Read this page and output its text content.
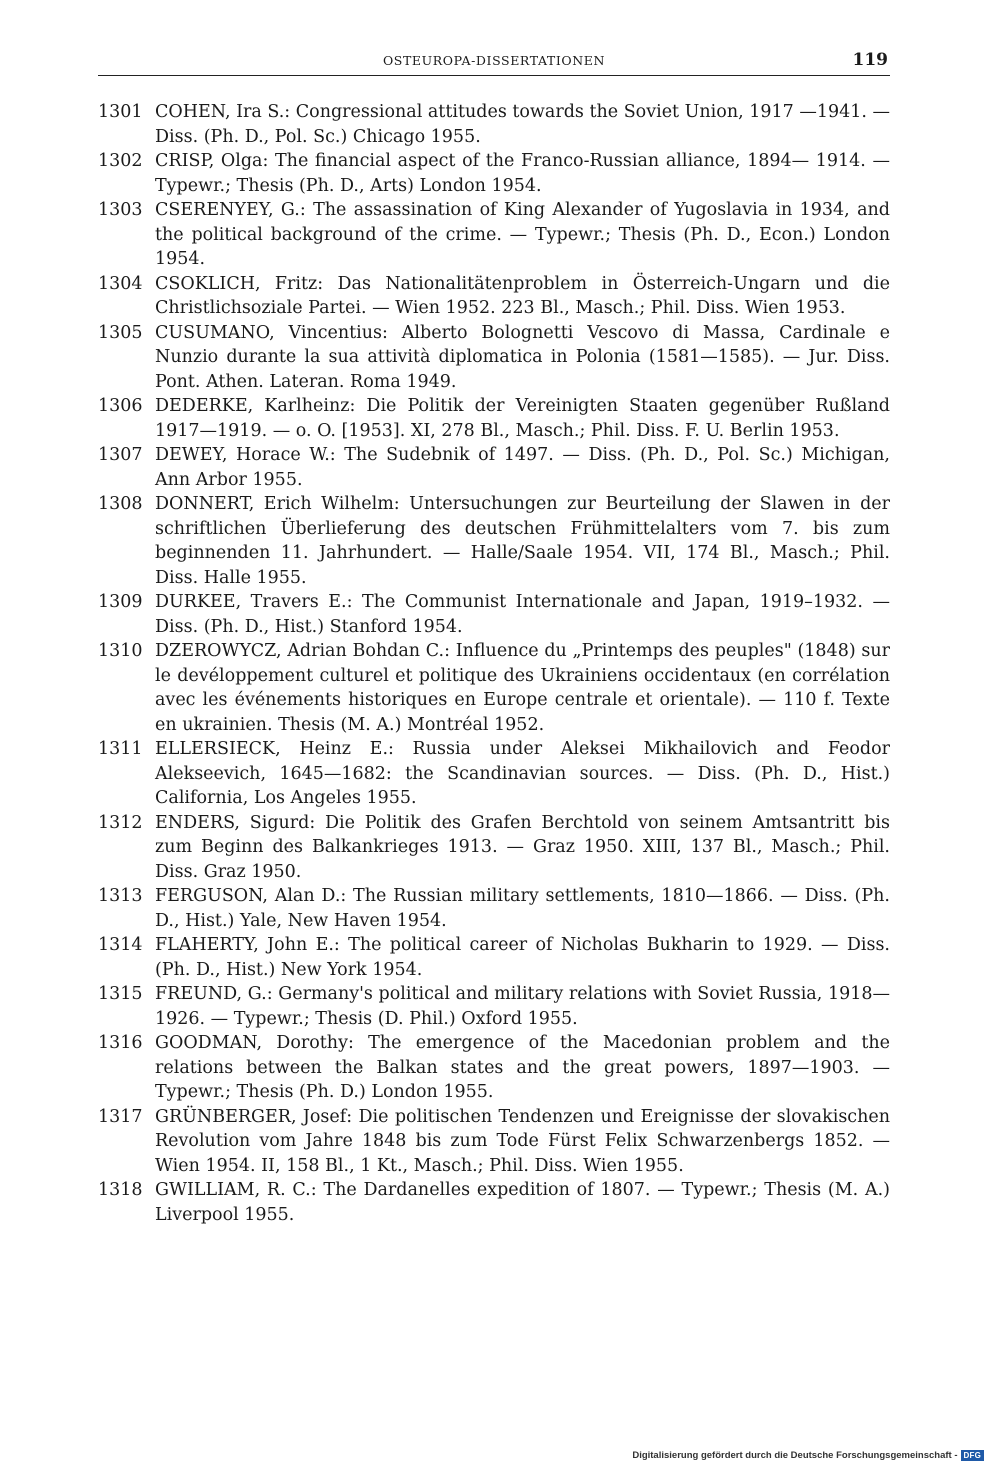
OSTEUROPA-DISSERTATIONEN	119
1301 COHEN, Ira S.: Congressional attitudes towards the Soviet Union, 1917 —1941. — Diss. (Ph. D., Pol. Sc.) Chicago 1955.
1302 CRISP, Olga: The financial aspect of the Franco-Russian alliance, 1894— 1914. — Typewr.; Thesis (Ph. D., Arts) London 1954.
1303 CSERENYEY, G.: The assassination of King Alexander of Yugoslavia in 1934, and the political background of the crime. — Typewr.; Thesis (Ph. D., Econ.) London 1954.
1304 CSOKLICH, Fritz: Das Nationalitätenproblem in Österreich-Ungarn und die Christlichsoziale Partei. — Wien 1952. 223 Bl., Masch.; Phil. Diss. Wien 1953.
1305 CUSUMANO, Vincentius: Alberto Bolognetti Vescovo di Massa, Cardinale e Nunzio durante la sua attività diplomatica in Polonia (1581—1585). — Jur. Diss. Pont. Athen. Lateran. Roma 1949.
1306 DEDERKE, Karlheinz: Die Politik der Vereinigten Staaten gegenüber Rußland 1917—1919. — o. O. [1953]. XI, 278 Bl., Masch.; Phil. Diss. F. U. Berlin 1953.
1307 DEWEY, Horace W.: The Sudebnik of 1497. — Diss. (Ph. D., Pol. Sc.) Michigan, Ann Arbor 1955.
1308 DONNERT, Erich Wilhelm: Untersuchungen zur Beurteilung der Slawen in der schriftlichen Überlieferung des deutschen Frühmittelalters vom 7. bis zum beginnenden 11. Jahrhundert. — Halle/Saale 1954. VII, 174 Bl., Masch.; Phil. Diss. Halle 1955.
1309 DURKEE, Travers E.: The Communist Internationale and Japan, 1919–1932. — Diss. (Ph. D., Hist.) Stanford 1954.
1310 DZEROWYCZ, Adrian Bohdan C.: Influence du „Printemps des peuples" (1848) sur le devéloppement culturel et politique des Ukrainiens occidentaux (en corrélation avec les événements historiques en Europe centrale et orientale). — 110 f. Texte en ukrainien. Thesis (M. A.) Montréal 1952.
1311 ELLERSIECK, Heinz E.: Russia under Aleksei Mikhailovich and Feodor Alekseevich, 1645—1682: the Scandinavian sources. — Diss. (Ph. D., Hist.) California, Los Angeles 1955.
1312 ENDERS, Sigurd: Die Politik des Grafen Berchtold von seinem Amtsantritt bis zum Beginn des Balkankrieges 1913. — Graz 1950. XIII, 137 Bl., Masch.; Phil. Diss. Graz 1950.
1313 FERGUSON, Alan D.: The Russian military settlements, 1810—1866. — Diss. (Ph. D., Hist.) Yale, New Haven 1954.
1314 FLAHERTY, John E.: The political career of Nicholas Bukharin to 1929. — Diss. (Ph. D., Hist.) New York 1954.
1315 FREUND, G.: Germany's political and military relations with Soviet Russia, 1918—1926. — Typewr.; Thesis (D. Phil.) Oxford 1955.
1316 GOODMAN, Dorothy: The emergence of the Macedonian problem and the relations between the Balkan states and the great powers, 1897—1903. — Typewr.; Thesis (Ph. D.) London 1955.
1317 GRÜNBERGER, Josef: Die politischen Tendenzen und Ereignisse der slovakischen Revolution vom Jahre 1848 bis zum Tode Fürst Felix Schwarzenbergs 1852. — Wien 1954. II, 158 Bl., 1 Kt., Masch.; Phil. Diss. Wien 1955.
1318 GWILLIAM, R. C.: The Dardanelles expedition of 1807. — Typewr.; Thesis (M. A.) Liverpool 1955.
Digitalisierung gefördert durch die Deutsche Forschungsgemeinschaft - DFG
